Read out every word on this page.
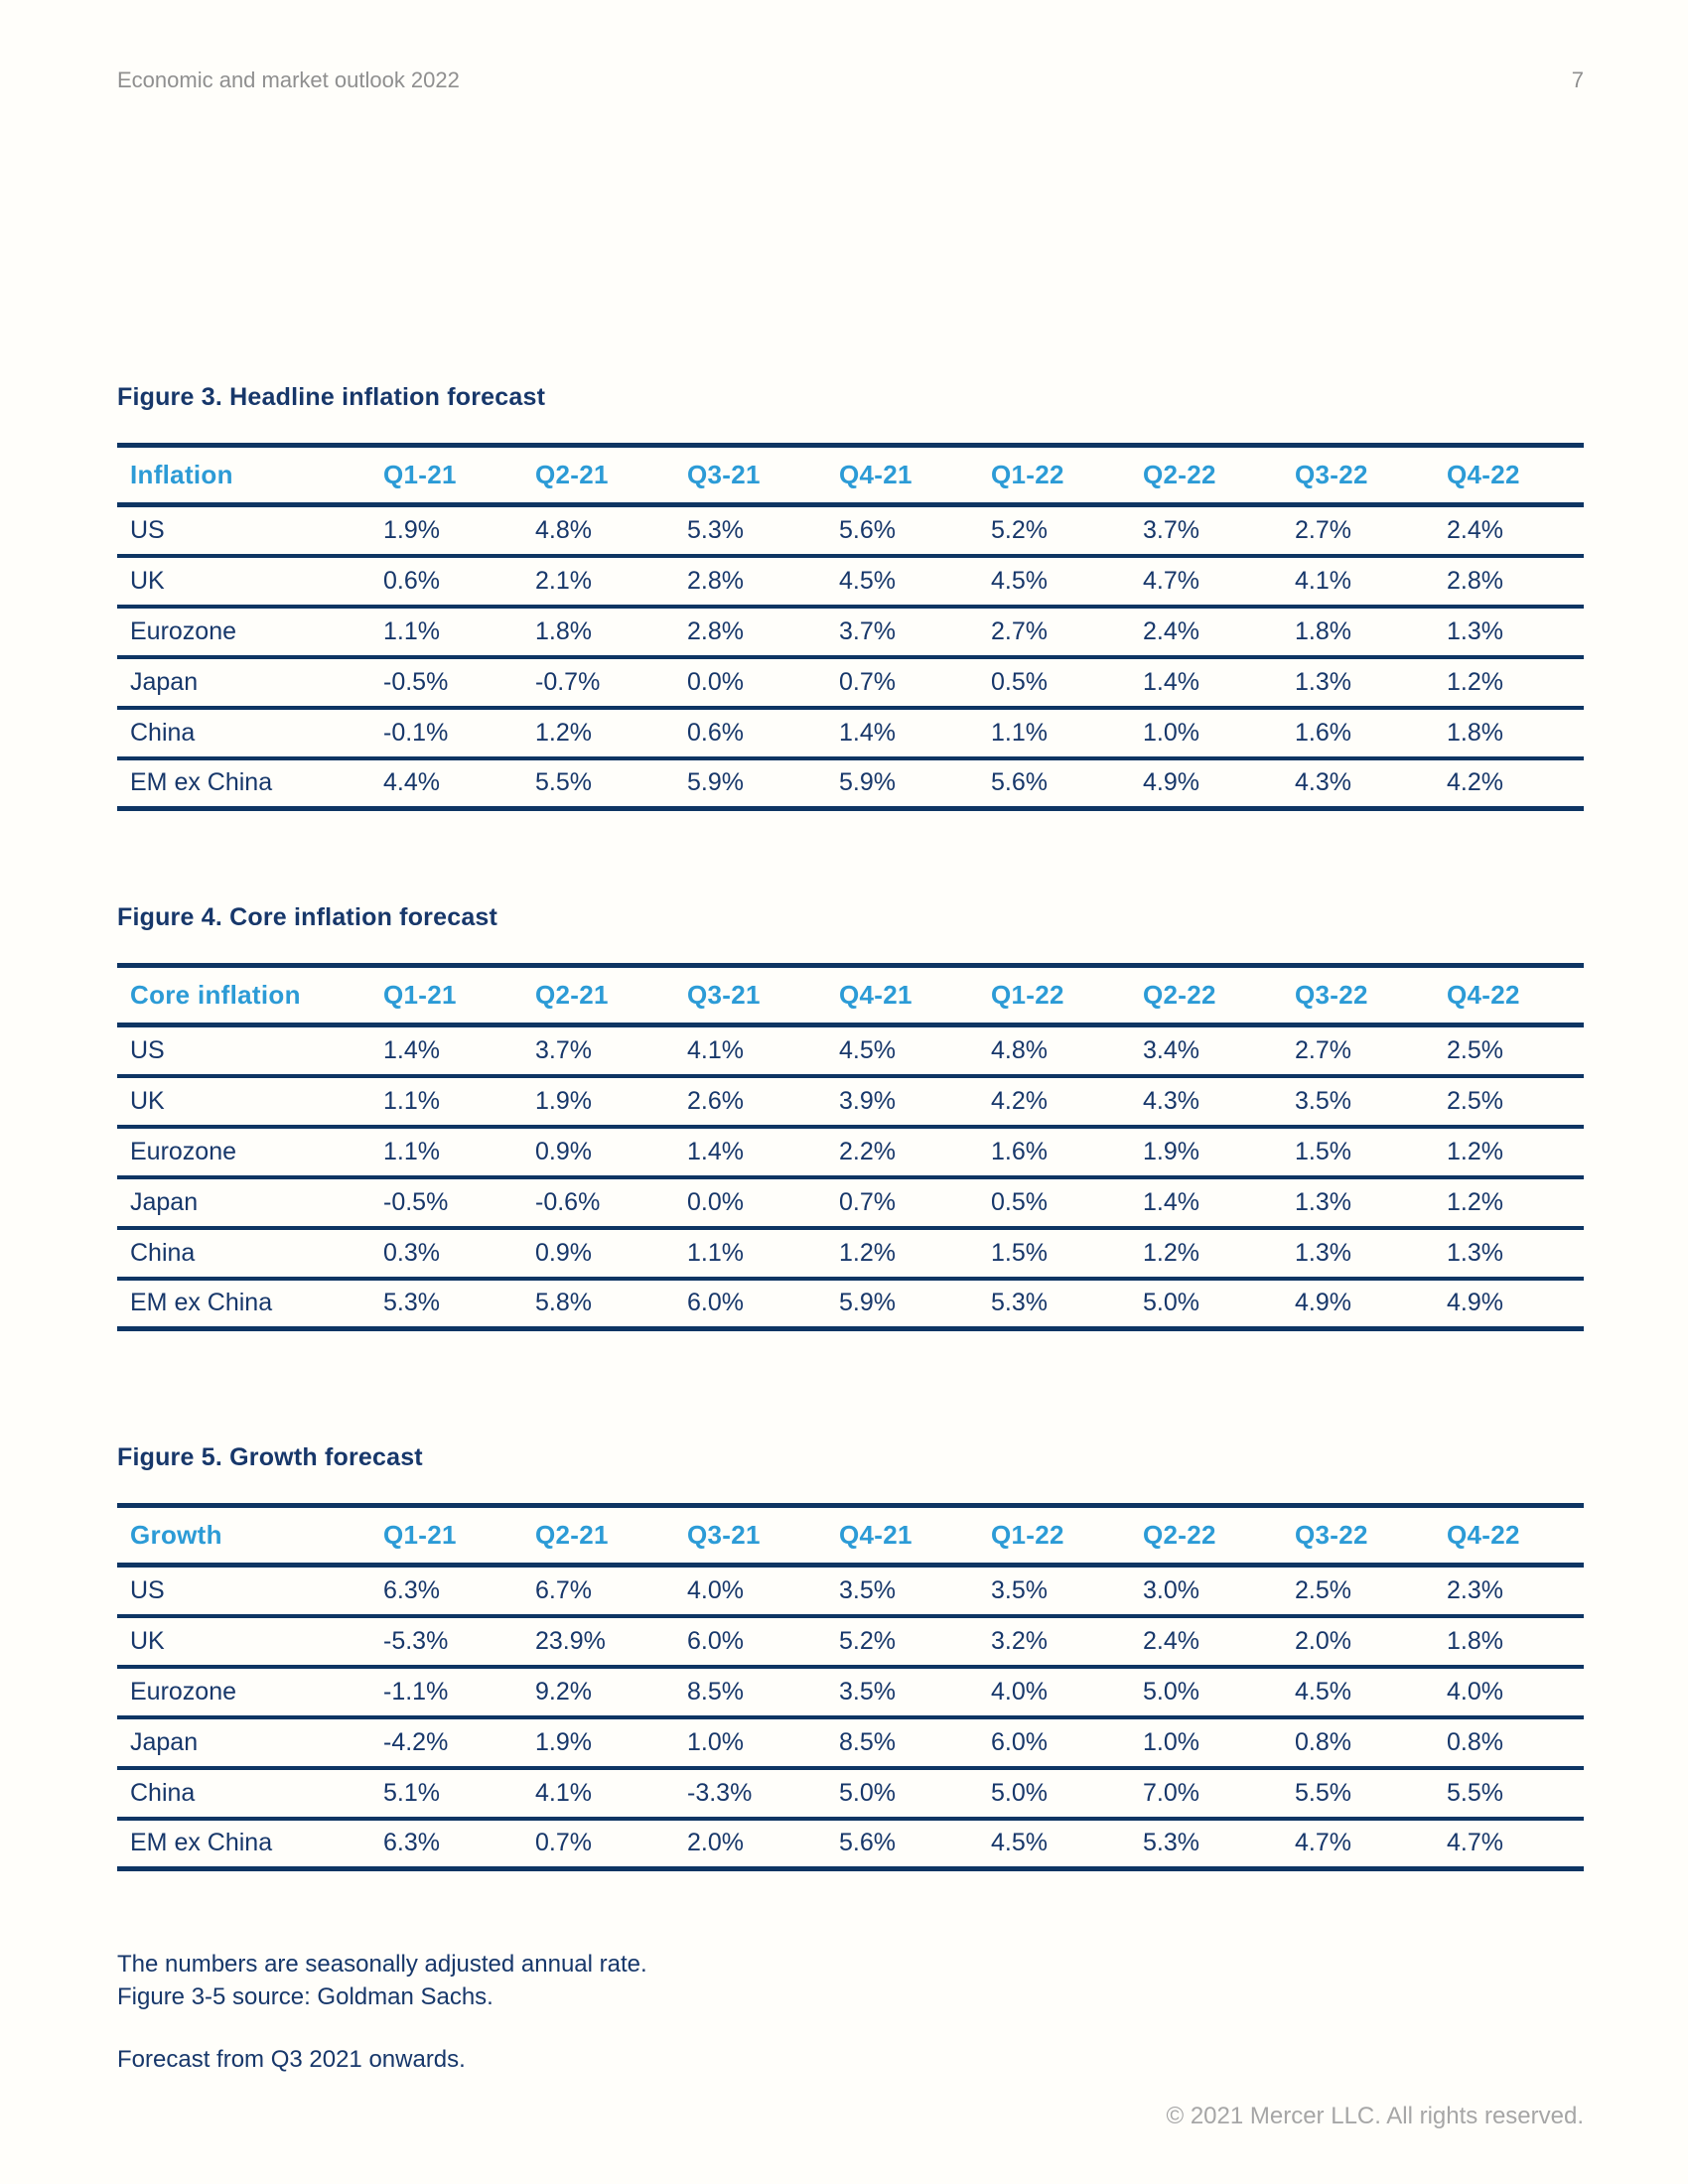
Economic and market outlook 2022	7
Figure 3. Headline inflation forecast
Inflation	Q1-21	Q2-21	Q3-21	Q4-21	Q1-22	Q2-22	Q3-22	Q4-22
US	1.9%	4.8%	5.3%	5.6%	5.2%	3.7%	2.7%	2.4%
UK	0.6%	2.1%	2.8%	4.5%	4.5%	4.7%	4.1%	2.8%
Eurozone	1.1%	1.8%	2.8%	3.7%	2.7%	2.4%	1.8%	1.3%
Japan	-0.5%	-0.7%	0.0%	0.7%	0.5%	1.4%	1.3%	1.2%
China	-0.1%	1.2%	0.6%	1.4%	1.1%	1.0%	1.6%	1.8%
EM ex China	4.4%	5.5%	5.9%	5.9%	5.6%	4.9%	4.3%	4.2%
Figure 4. Core inflation forecast
Core inflation	Q1-21	Q2-21	Q3-21	Q4-21	Q1-22	Q2-22	Q3-22	Q4-22
US	1.4%	3.7%	4.1%	4.5%	4.8%	3.4%	2.7%	2.5%
UK	1.1%	1.9%	2.6%	3.9%	4.2%	4.3%	3.5%	2.5%
Eurozone	1.1%	0.9%	1.4%	2.2%	1.6%	1.9%	1.5%	1.2%
Japan	-0.5%	-0.6%	0.0%	0.7%	0.5%	1.4%	1.3%	1.2%
China	0.3%	0.9%	1.1%	1.2%	1.5%	1.2%	1.3%	1.3%
EM ex China	5.3%	5.8%	6.0%	5.9%	5.3%	5.0%	4.9%	4.9%
Figure 5. Growth forecast
Growth	Q1-21	Q2-21	Q3-21	Q4-21	Q1-22	Q2-22	Q3-22	Q4-22
US	6.3%	6.7%	4.0%	3.5%	3.5%	3.0%	2.5%	2.3%
UK	-5.3%	23.9%	6.0%	5.2%	3.2%	2.4%	2.0%	1.8%
Eurozone	-1.1%	9.2%	8.5%	3.5%	4.0%	5.0%	4.5%	4.0%
Japan	-4.2%	1.9%	1.0%	8.5%	6.0%	1.0%	0.8%	0.8%
China	5.1%	4.1%	-3.3%	5.0%	5.0%	7.0%	5.5%	5.5%
EM ex China	6.3%	0.7%	2.0%	5.6%	4.5%	5.3%	4.7%	4.7%

The numbers are seasonally adjusted annual rate.

Figure 3-5 source: Goldman Sachs.

Forecast from Q3 2021 onwards.

© 2021 Mercer LLC. All rights reserved.
